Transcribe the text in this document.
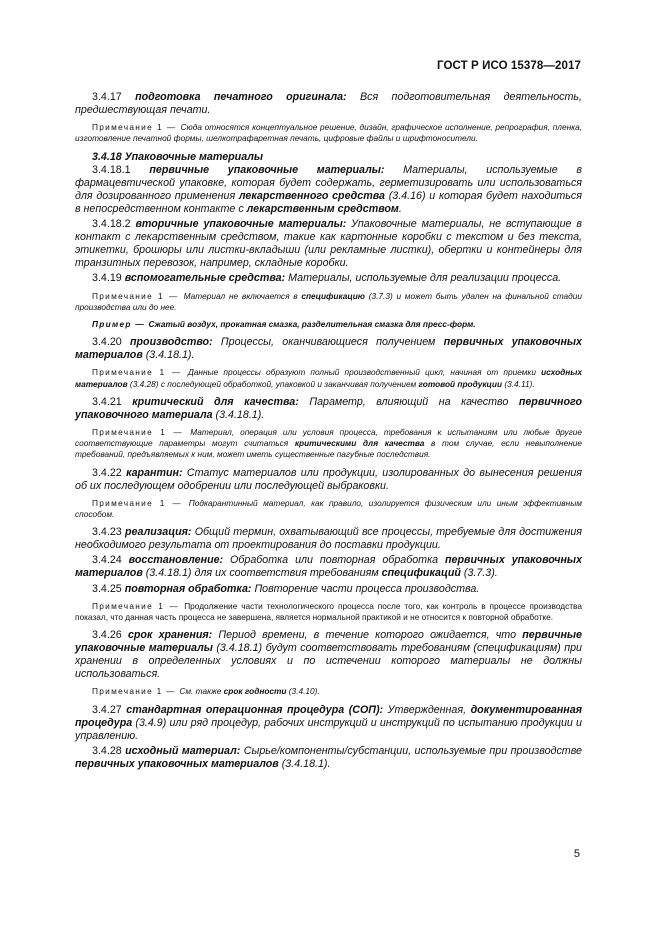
ГОСТ Р ИСО 15378—2017

3.4.17 подготовка печатного оригинала: Вся подготовительная деятельность, предшествующая печати.

Примечание 1 — Сюда относятся концептуальное решение, дизайн, графическое исполнение, репрография, пленка, изготовление печатной формы, шелкотрафаретная печать, цифровые файлы и шрифтоносители.

3.4.18 Упаковочные материалы

3.4.18.1 первичные упаковочные материалы: Материалы, используемые в фармацевтической упаковке, которая будет содержать, герметизировать или использоваться для дозированного применения лекарственного средства (3.4.16) и которая будет находиться в непосредственном контакте с лекарственным средством.

3.4.18.2 вторичные упаковочные материалы: Упаковочные материалы, не вступающие в контакт с лекарственным средством, такие как картонные коробки с текстом и без текста, этикетки, брошюры или листки-вкладыши (или рекламные листки), обертки и контейнеры для транзитных перевозок, например, складные коробки.

3.4.19 вспомогательные средства: Материалы, используемые для реализации процесса.

Примечание 1 — Материал не включается в спецификацию (3.7.3) и может быть удален на финальной стадии производства или до нее.

Пример — Сжатый воздух, прокатная смазка, разделительная смазка для пресс-форм.

3.4.20 производство: Процессы, оканчивающиеся получением первичных упаковочных материалов (3.4.18.1).

Примечание 1 — Данные процессы образуют полный производственный цикл, начиная от приемки исходных материалов (3.4.28) с последующей обработкой, упаковкой и заканчивая получением готовой продукции (3.4.11).

3.4.21 критический для качества: Параметр, влияющий на качество первичного упаковочного материала (3.4.18.1).

Примечание 1 — Материал, операция или условия процесса, требования к испытаниям или любые другие соответствующие параметры могут считаться критическими для качества в том случае, если невыполнение требований, предъявляемых к ним, может иметь существенные пагубные последствия.

3.4.22 карантин: Статус материалов или продукции, изолированных до вынесения решения об их последующем одобрении или последующей выбраковки.

Примечание 1 — Подкарантинный материал, как правило, изолируется физическим или иным эффективным способом.

3.4.23 реализация: Общий термин, охватывающий все процессы, требуемые для достижения необходимого результата от проектирования до поставки продукции.

3.4.24 восстановление: Обработка или повторная обработка первичных упаковочных материалов (3.4.18.1) для их соответствия требованиям спецификаций (3.7.3).

3.4.25 повторная обработка: Повторение части процесса производства.

Примечание 1 — Продолжение части технологического процесса после того, как контроль в процессе производства показал, что данная часть процесса не завершена, является нормальной практикой и не относится к повторной обработке.

3.4.26 срок хранения: Период времени, в течение которого ожидается, что первичные упаковочные материалы (3.4.18.1) будут соответствовать требованиям (спецификациям) при хранении в определенных условиях и по истечении которого материалы не должны использоваться.

Примечание 1 — См. также срок годности (3.4.10).

3.4.27 стандартная операционная процедура (СОП): Утвержденная, документированная процедура (3.4.9) или ряд процедур, рабочих инструкций и инструкций по испытанию продукции и управлению.

3.4.28 исходный материал: Сырье/компоненты/субстанции, используемые при производстве первичных упаковочных материалов (3.4.18.1).

5
